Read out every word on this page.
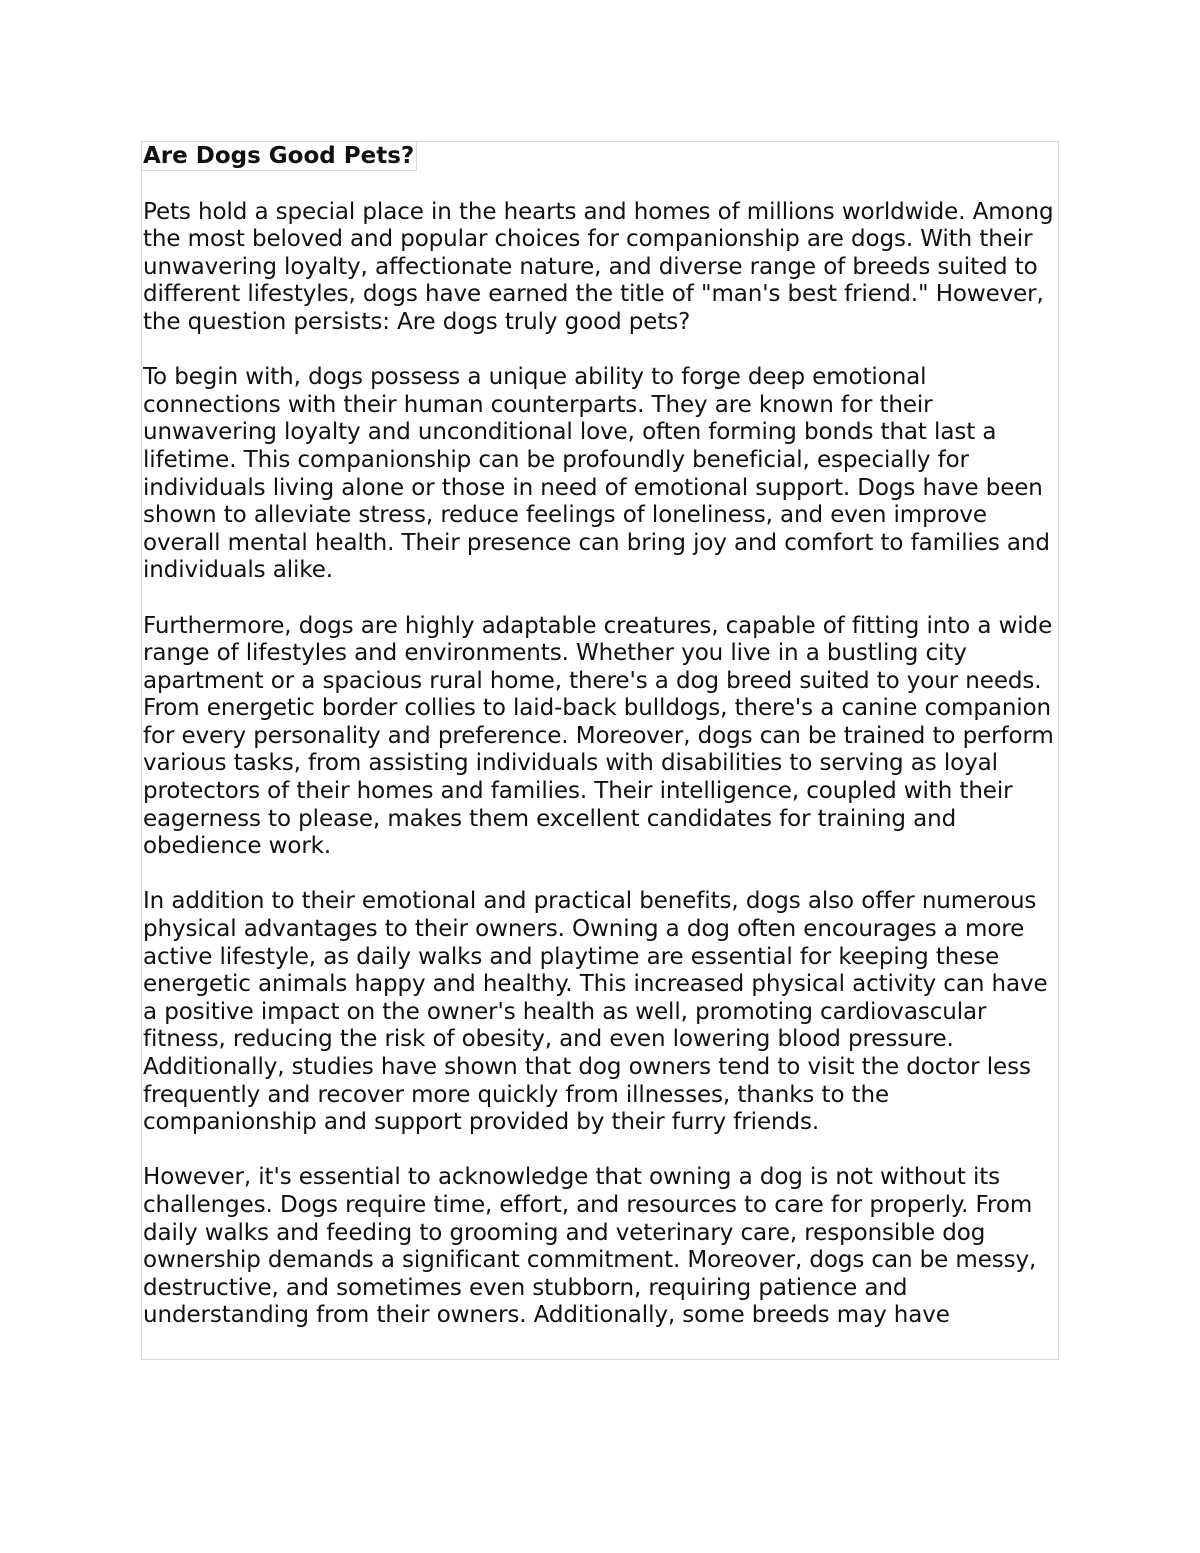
Are Dogs Good Pets?

Pets hold a special place in the hearts and homes of millions worldwide. Among the most beloved and popular choices for companionship are dogs. With their unwavering loyalty, affectionate nature, and diverse range of breeds suited to different lifestyles, dogs have earned the title of "man's best friend." However, the question persists: Are dogs truly good pets?

To begin with, dogs possess a unique ability to forge deep emotional connections with their human counterparts. They are known for their unwavering loyalty and unconditional love, often forming bonds that last a lifetime. This companionship can be profoundly beneficial, especially for individuals living alone or those in need of emotional support. Dogs have been shown to alleviate stress, reduce feelings of loneliness, and even improve overall mental health. Their presence can bring joy and comfort to families and individuals alike.

Furthermore, dogs are highly adaptable creatures, capable of fitting into a wide range of lifestyles and environments. Whether you live in a bustling city apartment or a spacious rural home, there's a dog breed suited to your needs. From energetic border collies to laid-back bulldogs, there's a canine companion for every personality and preference. Moreover, dogs can be trained to perform various tasks, from assisting individuals with disabilities to serving as loyal protectors of their homes and families. Their intelligence, coupled with their eagerness to please, makes them excellent candidates for training and obedience work.

In addition to their emotional and practical benefits, dogs also offer numerous physical advantages to their owners. Owning a dog often encourages a more active lifestyle, as daily walks and playtime are essential for keeping these energetic animals happy and healthy. This increased physical activity can have a positive impact on the owner's health as well, promoting cardiovascular fitness, reducing the risk of obesity, and even lowering blood pressure. Additionally, studies have shown that dog owners tend to visit the doctor less frequently and recover more quickly from illnesses, thanks to the companionship and support provided by their furry friends.

However, it's essential to acknowledge that owning a dog is not without its challenges. Dogs require time, effort, and resources to care for properly. From daily walks and feeding to grooming and veterinary care, responsible dog ownership demands a significant commitment. Moreover, dogs can be messy, destructive, and sometimes even stubborn, requiring patience and understanding from their owners. Additionally, some breeds may have
